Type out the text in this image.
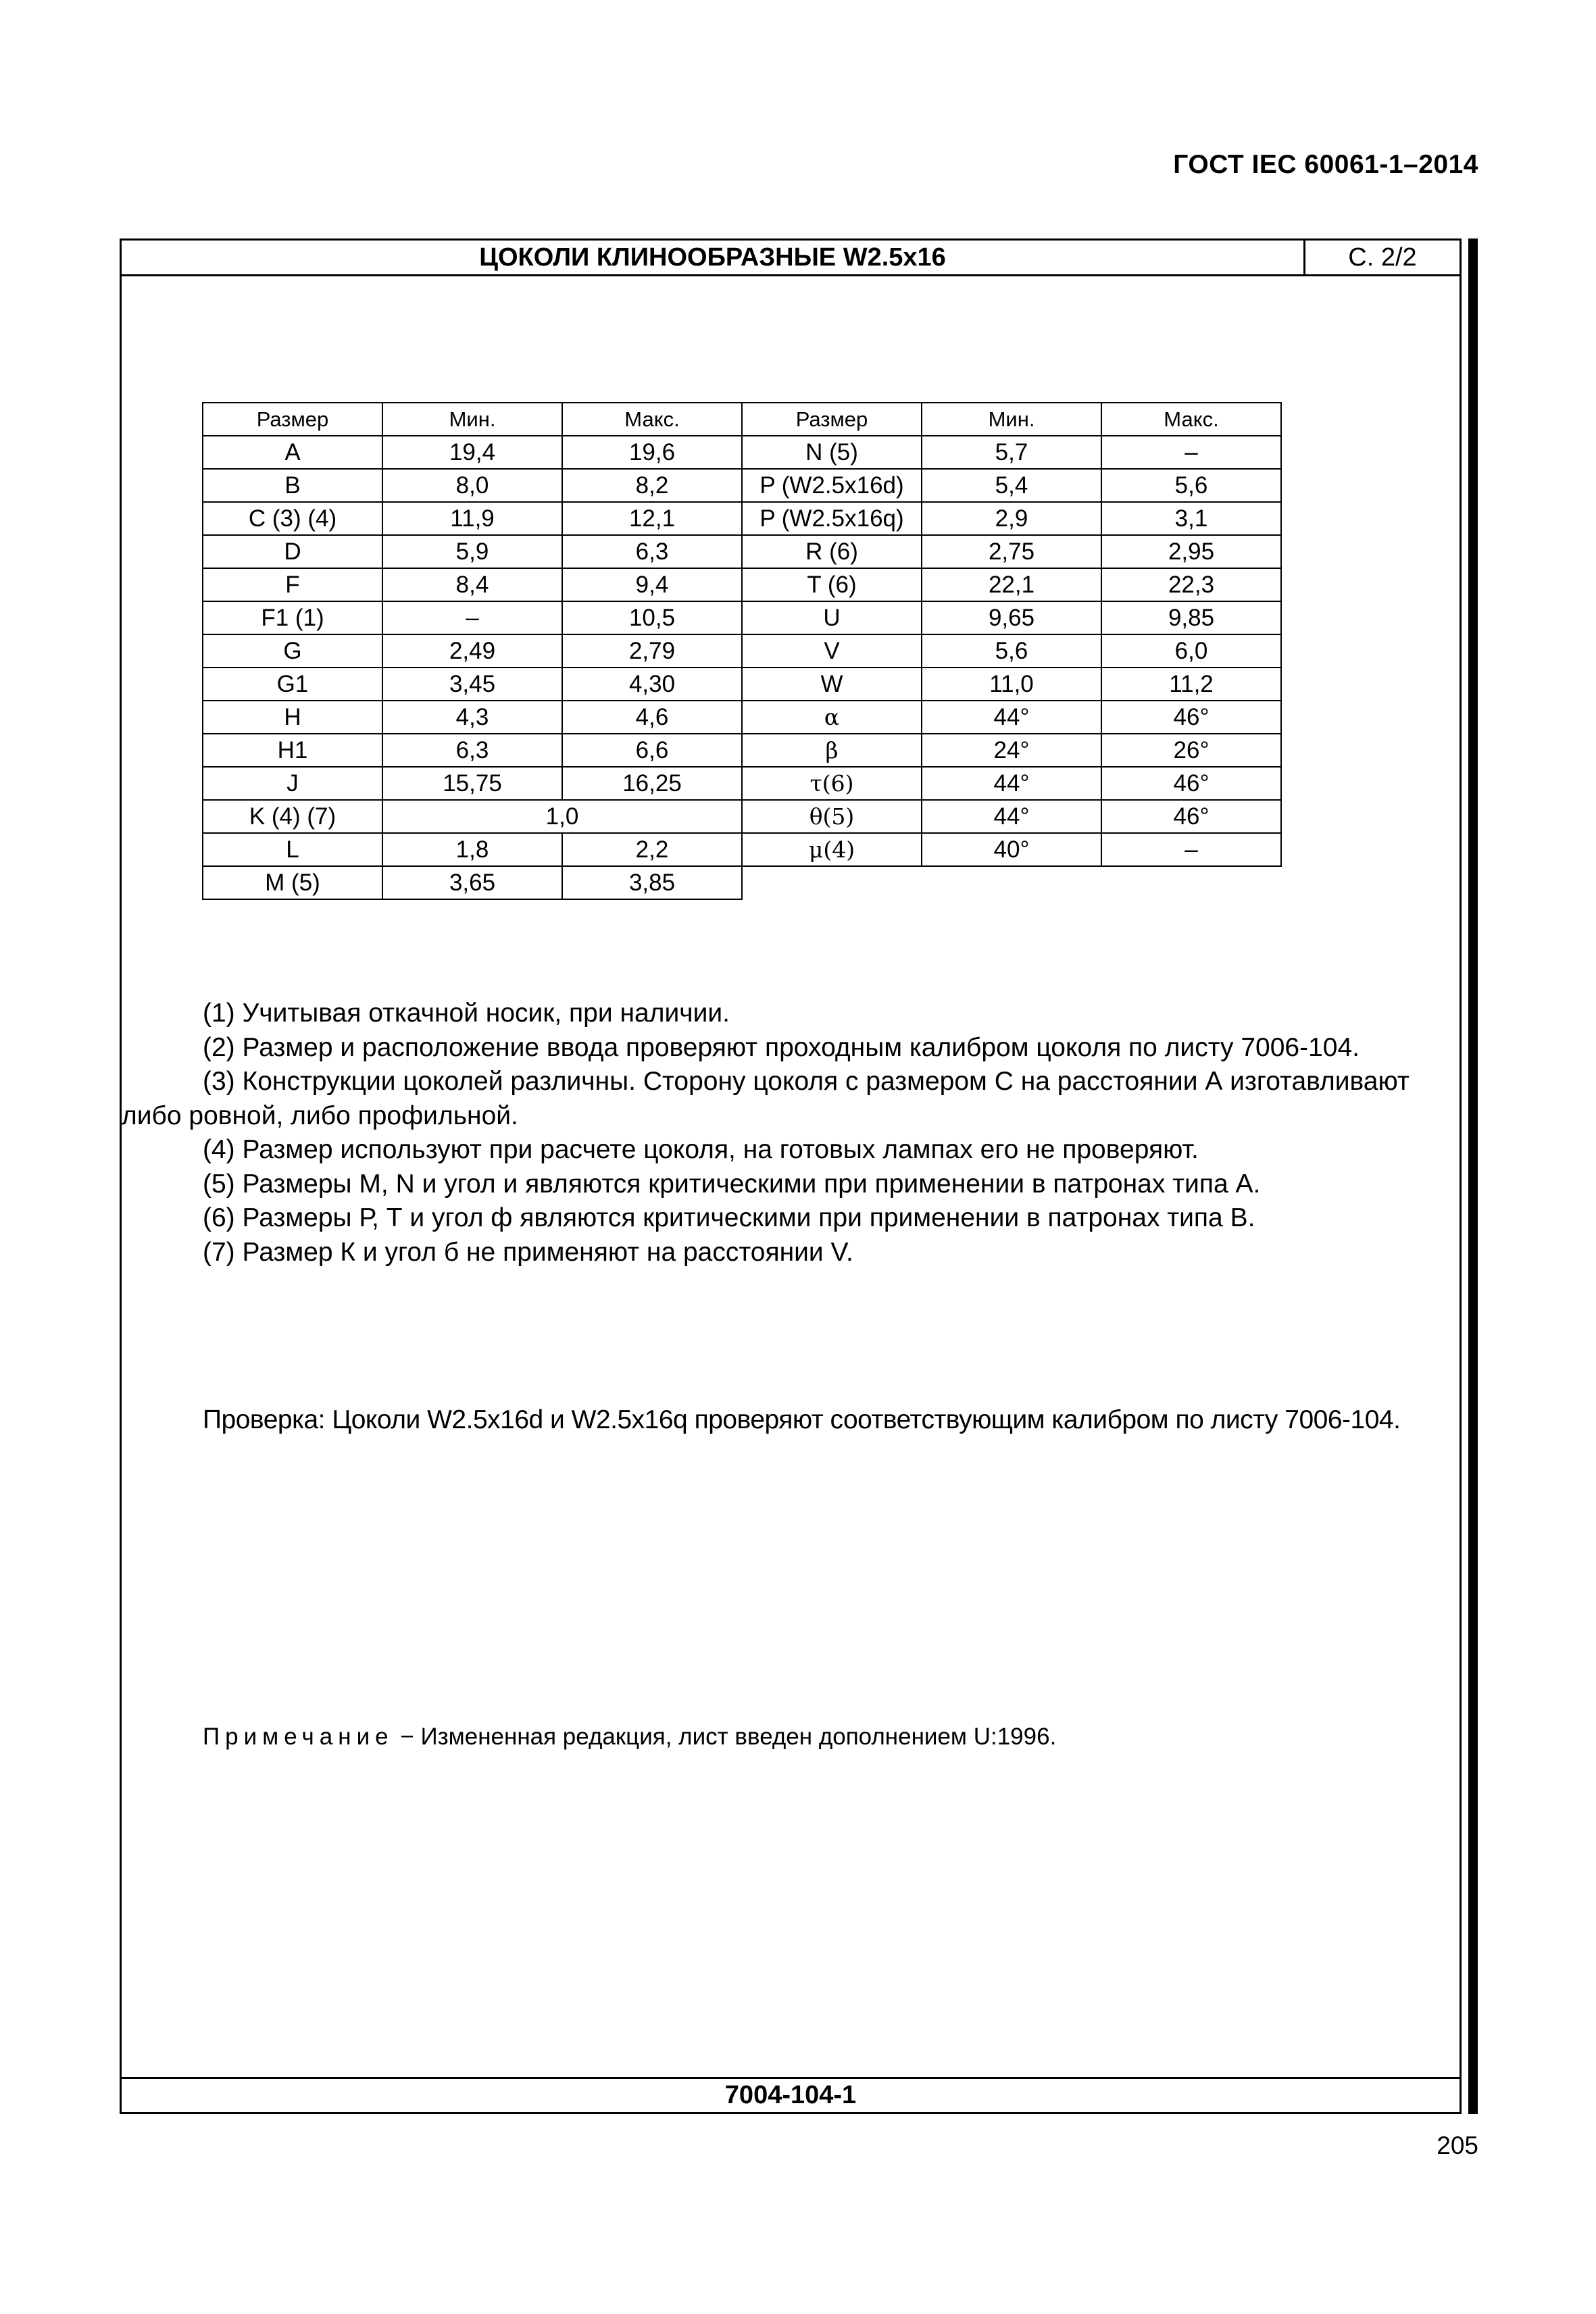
ГОСТ IEC 60061-1–2014
ЦОКОЛИ КЛИНООБРАЗНЫЕ W2.5x16	С. 2/2
Размер	Мин.	Макс.	Размер	Мин.	Макс.
A	19,4	19,6	N (5)	5,7	–
B	8,0	8,2	P (W2.5x16d)	5,4	5,6
C (3) (4)	11,9	12,1	P (W2.5x16q)	2,9	3,1
D	5,9	6,3	R (6)	2,75	2,95
F	8,4	9,4	T (6)	22,1	22,3
F1 (1)	–	10,5	U	9,65	9,85
G	2,49	2,79	V	5,6	6,0
G1	3,45	4,30	W	11,0	11,2
H	4,3	4,6	α	44°	46°
H1	6,3	6,6	β	24°	26°
J	15,75	16,25	τ(6)	44°	46°
K (4) (7)	1,0		θ(5)	44°	46°
L	1,8	2,2	μ(4)	40°	–
M (5)	3,65	3,85			
(1) Учитывая откачной носик, при наличии.
(2) Размер и расположение ввода проверяют проходным калибром цоколя по листу 7006-104.
(3) Конструкции цоколей различны. Сторону цоколя с размером С на расстоянии А изготавливают
либо ровной, либо профильной.
(4) Размер используют при расчете цоколя, на готовых лампах его не проверяют.
(5) Размеры М, N и угол и являются критическими при применении в патронах типа А.
(6) Размеры Р, Т и угол ф являются критическими при применении в патронах типа В.
(7) Размер К и угол б не применяют на расстоянии V.
Проверка: Цоколи W2.5x16d и W2.5x16q проверяют соответствующим калибром по листу 7006-104.
Примечание − Измененная редакция, лист введен дополнением U:1996.
7004-104-1
205
